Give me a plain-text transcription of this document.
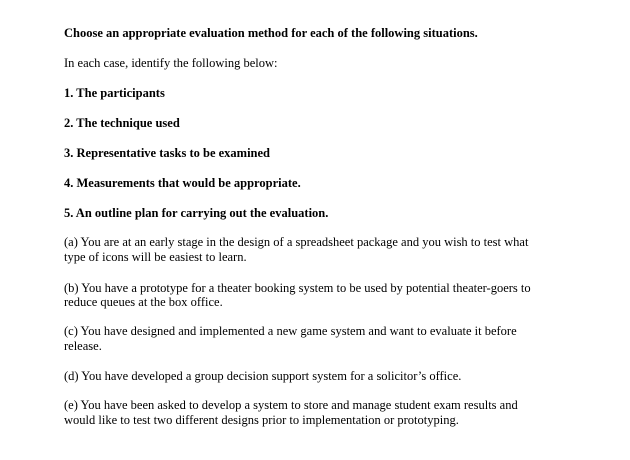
Choose an appropriate evaluation method for each of the following situations.
In each case, identify the following below:
1. The participants
2. The technique used
3. Representative tasks to be examined
4. Measurements that would be appropriate.
5. An outline plan for carrying out the evaluation.
(a) You are at an early stage in the design of a spreadsheet package and you wish to test what
type of icons will be easiest to learn.
(b) You have a prototype for a theater booking system to be used by potential theater-goers to
reduce queues at the box office.
(c) You have designed and implemented a new game system and want to evaluate it before
release.
(d) You have developed a group decision support system for a solicitor’s office.
(e) You have been asked to develop a system to store and manage student exam results and
would like to test two different designs prior to implementation or prototyping.
